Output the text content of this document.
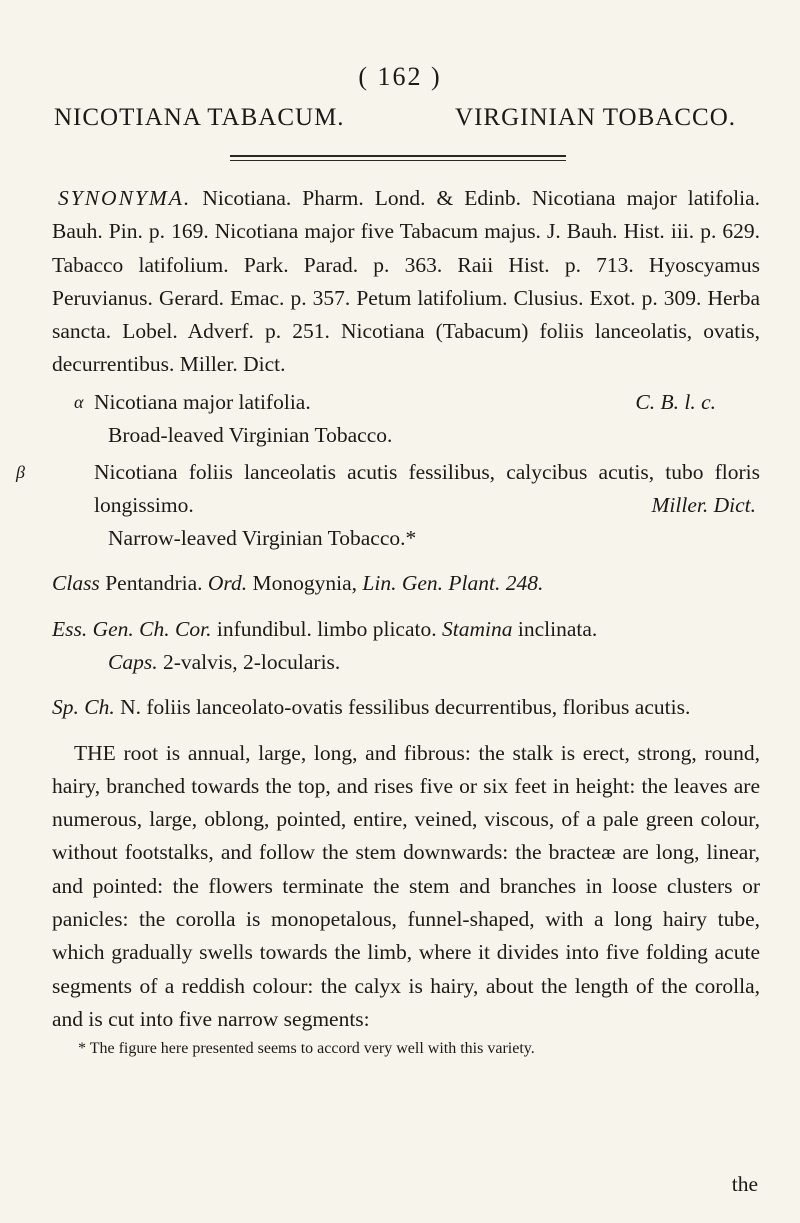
( 162 )
NICOTIANA TABACUM.	VIRGINIAN TOBACCO.

SYNONYMA. Nicotiana. Pharm. Lond. & Edinb. Nicotiana major latifolia. Bauh. Pin. p. 169. Nicotiana major five Tabacum majus. J. Bauh. Hist. iii. p. 629. Tabacco latifolium. Park. Parad. p. 363. Raii Hist. p. 713. Hyoscyamus Peruvianus. Gerard. Emac. p. 357. Petum latifolium. Clusius. Exot. p. 309. Herba sancta. Lobel. Adverf. p. 251. Nicotiana (Tabacum) foliis lanceolatis, ovatis, decurrentibus. Miller. Dict.

α Nicotiana major latifolia.	C. B. l. c.
Broad-leaved Virginian Tobacco.

β	Nicotiana foliis lanceolatis acutis fessilibus, calycibus acutis, tubo floris longissimo.	Miller. Dict.

Narrow-leaved Virginian Tobacco.*

Class Pentandria. Ord. Monogynia, Lin. Gen. Plant. 248.

Ess. Gen. Ch. Cor. infundibul. limbo plicato. Stamina inclinata.

Caps. 2-valvis, 2-locularis.

Sp. Ch. N. foliis lanceolato-ovatis fessilibus decurrentibus, floribus acutis.

THE root is annual, large, long, and fibrous: the stalk is erect, strong, round, hairy, branched towards the top, and rises five or six feet in height: the leaves are numerous, large, oblong, pointed, entire, veined, viscous, of a pale green colour, without footstalks, and follow the stem downwards: the bracteæ are long, linear, and pointed: the flowers terminate the stem and branches in loose clusters or panicles: the corolla is monopetalous, funnel-shaped, with a long hairy tube, which gradually swells towards the limb, where it divides into five folding acute segments of a reddish colour: the calyx is hairy, about the length of the corolla, and is cut into five narrow segments:

* The figure here presented seems to accord very well with this variety.

the
